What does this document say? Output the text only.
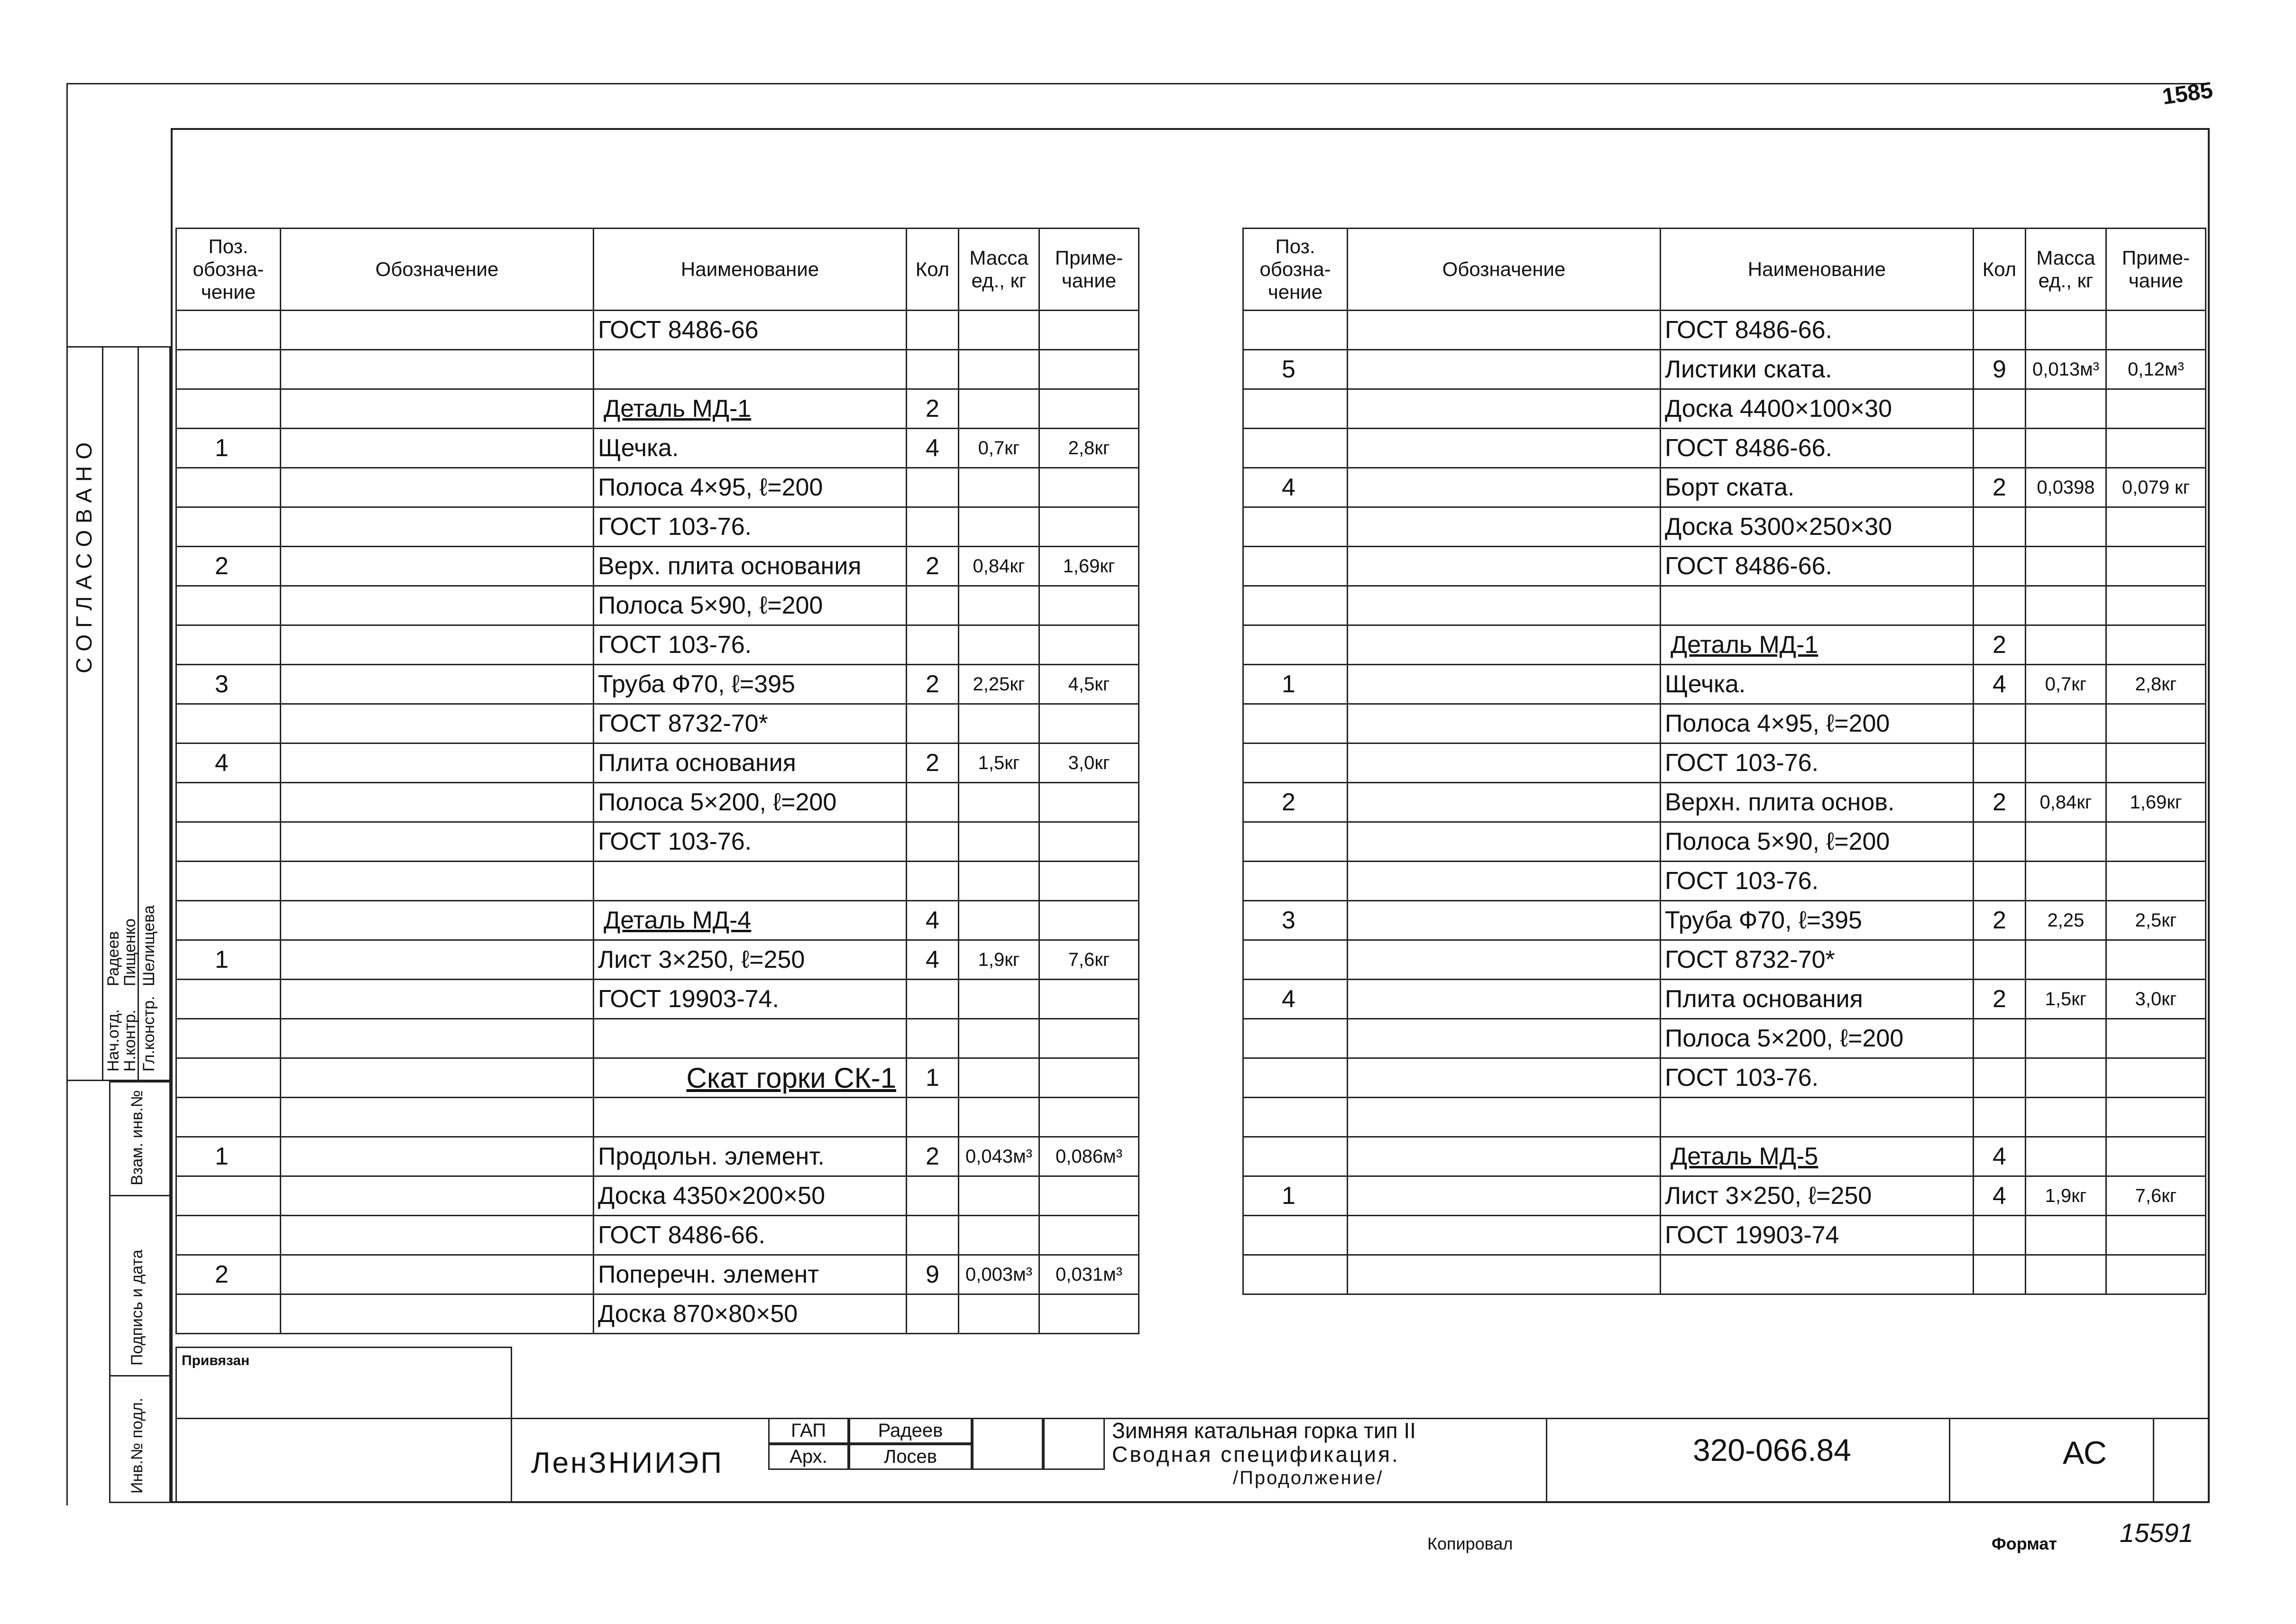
1585
Поз. обозна-чение	Обозначение	Наименование	Кол	Масса ед., кг	Приме-чание
		ГОСТ 8486-66			

		Деталь МД-1	2		
1		Щечка.	4	0,7кг	2,8кг
		Полоса 4×95, ℓ=200			
		ГОСТ 103-76.			
2		Верх. плита основания	2	0,84кг	1,69кг
		Полоса 5×90, ℓ=200			
		ГОСТ 103-76.			
3		Труба Ф70, ℓ=395	2	2,25кг	4,5кг
		ГОСТ 8732-70*			
4		Плита основания	2	1,5кг	3,0кг
		Полоса 5×200, ℓ=200			
		ГОСТ 103-76.			

		Деталь МД-4	4		
1		Лист 3×250, ℓ=250	4	1,9кг	7,6кг
		ГОСТ 19903-74.			

		Скат горки СК-1	1		

1		Продольн. элемент.	2	0,043м³	0,086м³
		Доска 4350×200×50			
		ГОСТ 8486-66.			
2		Поперечн. элемент	9	0,003м³	0,031м³
		Доска 870×80×50			
Поз. обозна-чение	Обозначение	Наименование	Кол	Масса ед., кг	Приме-чание
		ГОСТ 8486-66.			
5		Листики ската.	9	0,013м³	0,12м³
		Доска 4400×100×30			
		ГОСТ 8486-66.			
4		Борт ската.	2	0,0398	0,079 кг
		Доска 5300×250×30			
		ГОСТ 8486-66.			

		Деталь МД-1	2		
1		Щечка.	4	0,7кг	2,8кг
		Полоса 4×95, ℓ=200			
		ГОСТ 103-76.			
2		Верхн. плита основ.	2	0,84кг	1,69кг
		Полоса 5×90, ℓ=200			
		ГОСТ 103-76.			
3		Труба Ф70, ℓ=395	2	2,25	2,5кг
		ГОСТ 8732-70*			
4		Плита основания	2	1,5кг	3,0кг
		Полоса 5×200, ℓ=200			
		ГОСТ 103-76.			

		Деталь МД-5	4		
1		Лист 3×250, ℓ=250	4	1,9кг	7,6кг
		ГОСТ 19903-74			

СОГЛАСОВАНО
Нач.отд.
Н.контр. Гл.констр.
Радеев
Пищенко Шелищева
Взам. инв.№
Подпись и дата
Инв.№ подл.
Привязан
ЛенЗНИИЭП
ГАП
Арх.
Радеев
Лосев
Зимняя катальная горка тип II
Сводная спецификация.
/Продолжение/
320-066.84	АС
Копировал	Формат 15591
